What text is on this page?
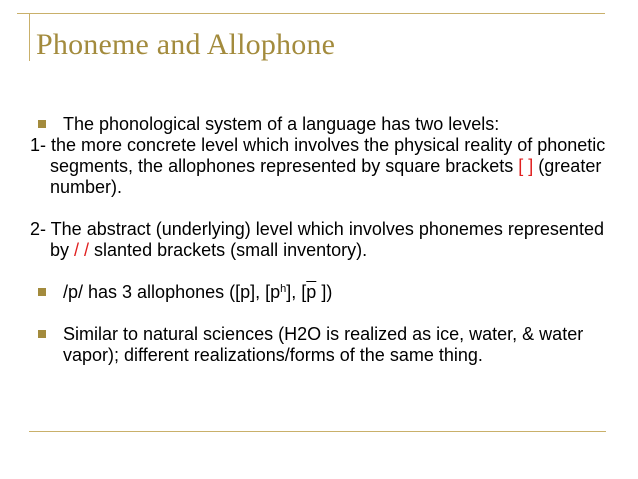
Phoneme and Allophone

The phonological system of a language has two levels:

1- the more concrete level which involves the physical reality of phonetic segments, the allophones represented by square brackets [ ] (greater number).

2- The abstract (underlying) level which involves phonemes represented by / / slanted brackets (small inventory).

/p/ has 3 allophones ([p], $[p^h]$, [$\overline{p}$ ])

Similar to natural sciences (H2O is realized as ice, water, & water vapor); different realizations/forms of the same thing.
